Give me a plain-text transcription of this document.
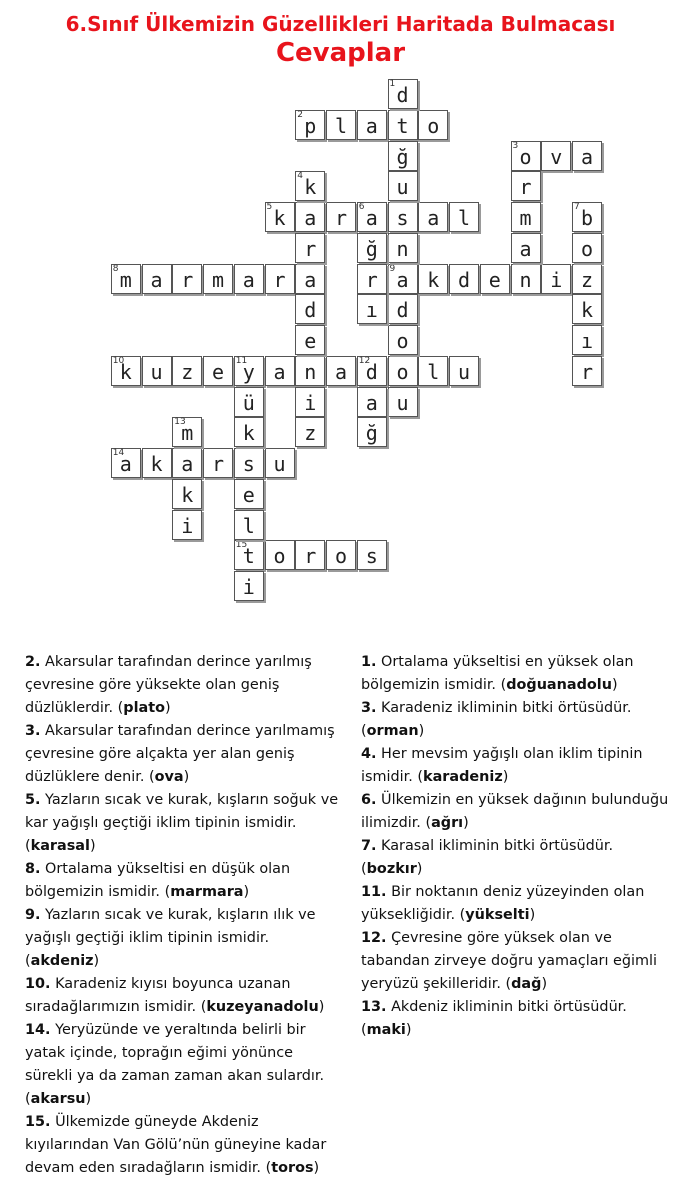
6.Sınıf Ülkemizin Güzellikleri Haritada Bulmacası
Cevaplar
p
2	l a t o
o
3	v a
k
5	a r a
6	s a l
m
8	a r m a r a	a
9	k d e n i z
k
10	u z e y
11	a n a d
12	o l u
a
14	k a r s u
t
15	o r o s
d
1
ğ
u
n
d
o
u
r
m
a
k
4
r
d
e
i
z
ğ
r
ı
b
7
o
k
ı
r
ü
k
e
l
i
a
ğ
m
13
k
i
2. Akarsular tarafından derince yarılmış çevresine göre yüksekte olan geniş düzlüklerdir. (plato)
3. Akarsular tarafından derince yarılmamış çevresine göre alçakta yer alan geniş düzlüklere denir. (ova)
5. Yazların sıcak ve kurak, kışların soğuk ve kar yağışlı geçtiği iklim tipinin ismidir. (karasal)
8. Ortalama yükseltisi en düşük olan bölgemizin ismidir. (marmara)
9. Yazların sıcak ve kurak, kışların ılık ve yağışlı geçtiği iklim tipinin ismidir. (akdeniz)
10. Karadeniz kıyısı boyunca uzanan sıradağlarımızın ismidir. (kuzeyanadolu)
14. Yeryüzünde ve yeraltında belirli bir yatak içinde, toprağın eğimi yönünce sürekli ya da zaman zaman akan sulardır. (akarsu)
15. Ülkemizde güneyde Akdeniz kıyılarından Van Gölü’nün güneyine kadar devam eden sıradağların ismidir. (toros)
1. Ortalama yükseltisi en yüksek olan bölgemizin ismidir. (doğuanadolu)
3. Karadeniz ikliminin bitki örtüsüdür. (orman)
4. Her mevsim yağışlı olan iklim tipinin ismidir. (karadeniz)
6. Ülkemizin en yüksek dağının bulunduğu ilimizdir. (ağrı)
7. Karasal ikliminin bitki örtüsüdür. (bozkır)
11. Bir noktanın deniz yüzeyinden olan yüksekliğidir. (yükselti)
12. Çevresine göre yüksek olan ve tabandan zirveye doğru yamaçları eğimli yeryüzü şekilleridir. (dağ)
13. Akdeniz ikliminin bitki örtüsüdür. (maki)
